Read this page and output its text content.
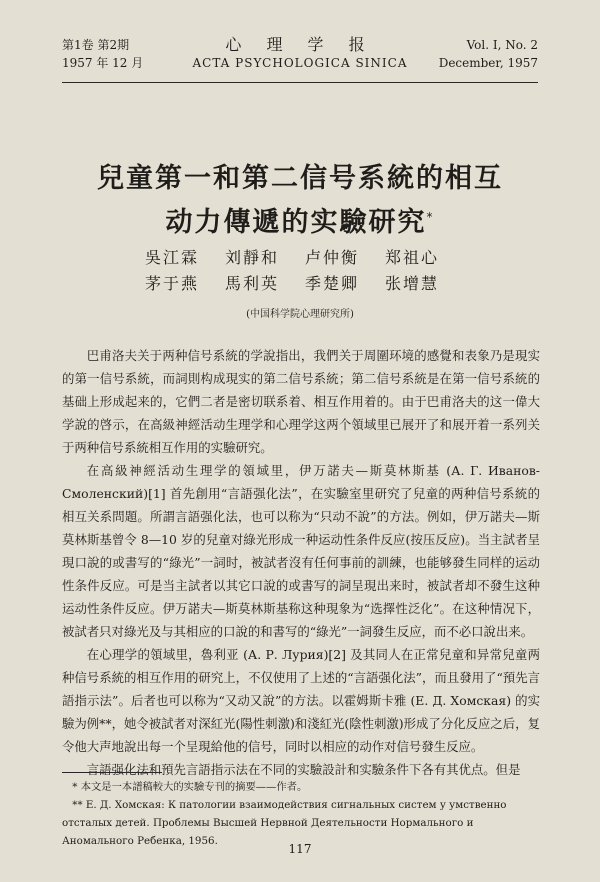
第1卷 第2期
1957 年 12 月
心 理 学 报
ACTA PSYCHOLOGICA SINICA
Vol. I, No. 2
December, 1957
兒童第一和第二信号系統的相互
动力傳遞的实驗研究*
吳江霖	刘靜和	卢仲衡	郑祖心
茅于燕	馬利英	季楚卿	张增慧
(中国科学院心理研究所)

巴甫洛夫关于两种信号系統的学說指出，我們关于周圍环境的感覺和表象乃是現实的第一信号系統，而詞則构成現实的第二信号系統；第二信号系統是在第一信号系統的基础上形成起来的，它們二者是密切联系着、相互作用着的。由于巴甫洛夫的这一偉大学說的啓示，在高級神經活动生理学和心理学这两个領域里已展开了和展开着一系列关于两种信号系統相互作用的实驗研究。

在高級神經活动生理学的領域里，伊万諾夫—斯莫林斯基 (А. Г. Иванов-Смоленский)[1] 首先創用“言語强化法”，在实驗室里研究了兒童的两种信号系統的相互关系問題。所謂言語强化法，也可以称为“只动不說”的方法。例如，伊万諾夫—斯莫林斯基曾令 8—10 岁的兒童对綠光形成一种运动性条件反应(按压反应)。当主試者呈現口說的或書写的“綠光”一詞时，被試者沒有任何事前的訓練，也能够發生同样的运动性条件反应。可是当主試者以其它口說的或書写的詞呈現出来时，被試者却不發生这种运动性条件反应。伊万諾夫—斯莫林斯基称这种現象为“选擇性泛化”。在这种情况下，被試者只对綠光及与其相应的口說的和書写的“綠光”一詞發生反应，而不必口說出来。

在心理学的領域里，魯利亚 (А. Р. Лурия)[2] 及其同人在正常兒童和异常兒童两种信号系統的相互作用的研究上，不仅使用了上述的“言語强化法”，而且發用了“預先言語指示法”。后者也可以称为“又动又說”的方法。以霍姆斯卡雅 (Е. Д. Хомская) 的实驗为例**，她令被試者对深紅光(陽性刺激)和淺紅光(陰性刺激)形成了分化反应之后，复令他大声地說出每一个呈現給他的信号，同时以相应的动作对信号發生反应。

言語强化法和預先言語指示法在不同的实驗設計和实驗条件下各有其优点。但是

* 本文是一本譜稿較大的实驗专刊的摘要——作者。

** Е. Д. Хомская: К патологии взаимодействия сигнальных систем у умственно отсталых детей. Проблемы Высшей Нервной Деятельности Нормального и Аномального Ребенка, 1956.

117
